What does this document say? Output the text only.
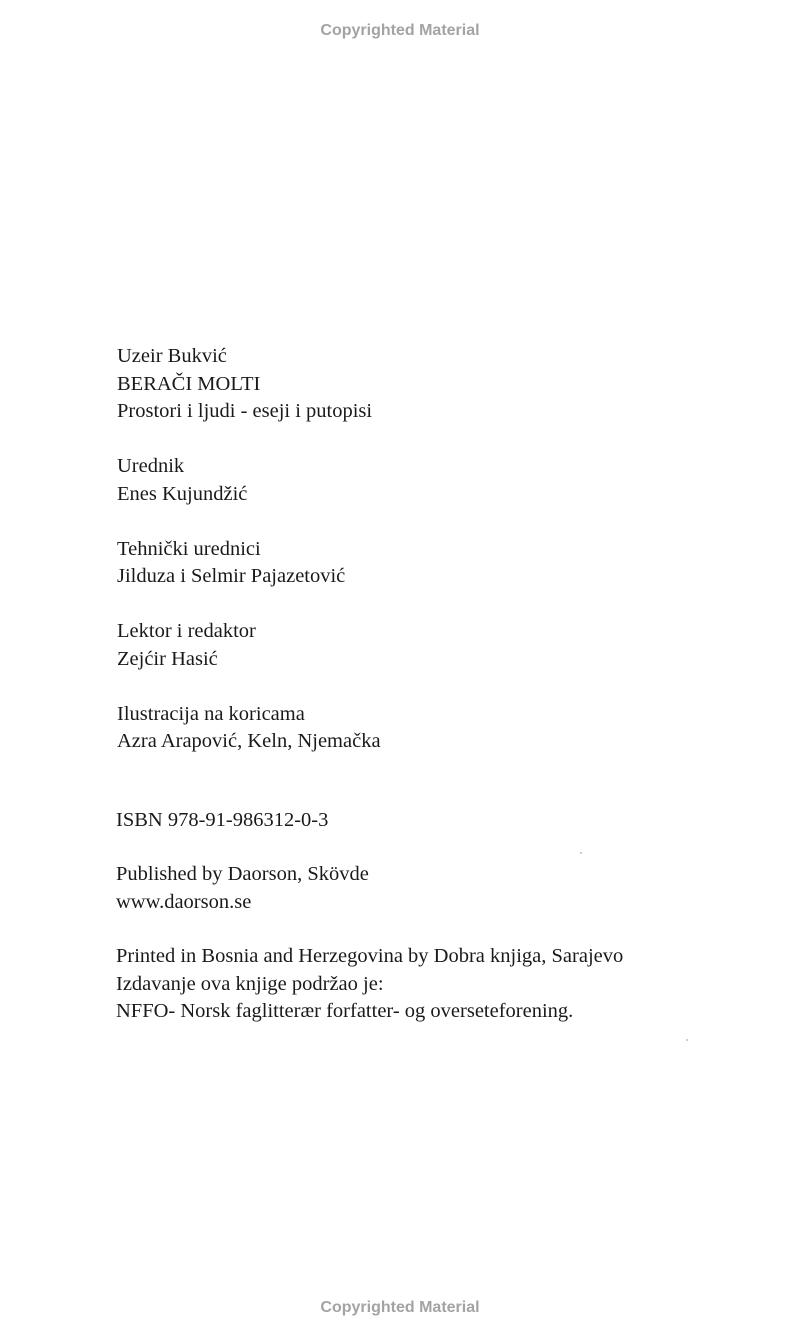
Copyrighted Material
Uzeir Bukvić
BERAČI MOLTI
Prostori i ljudi - eseji i putopisi
Urednik
Enes Kujundžić
Tehnički urednici
Jilduza i Selmir Pajazetović
Lektor i redaktor
Zejćir Hasić
Ilustracija na koricama
Azra Arapović, Keln, Njemačka
ISBN 978-91-986312-0-3
Published by Daorson, Skövde
www.daorson.se
Printed in Bosnia and Herzegovina by Dobra knjiga, Sarajevo
Izdavanje ova knjige podržao je:
NFFO- Norsk faglitterær forfatter- og overseteforening.
Copyrighted Material
